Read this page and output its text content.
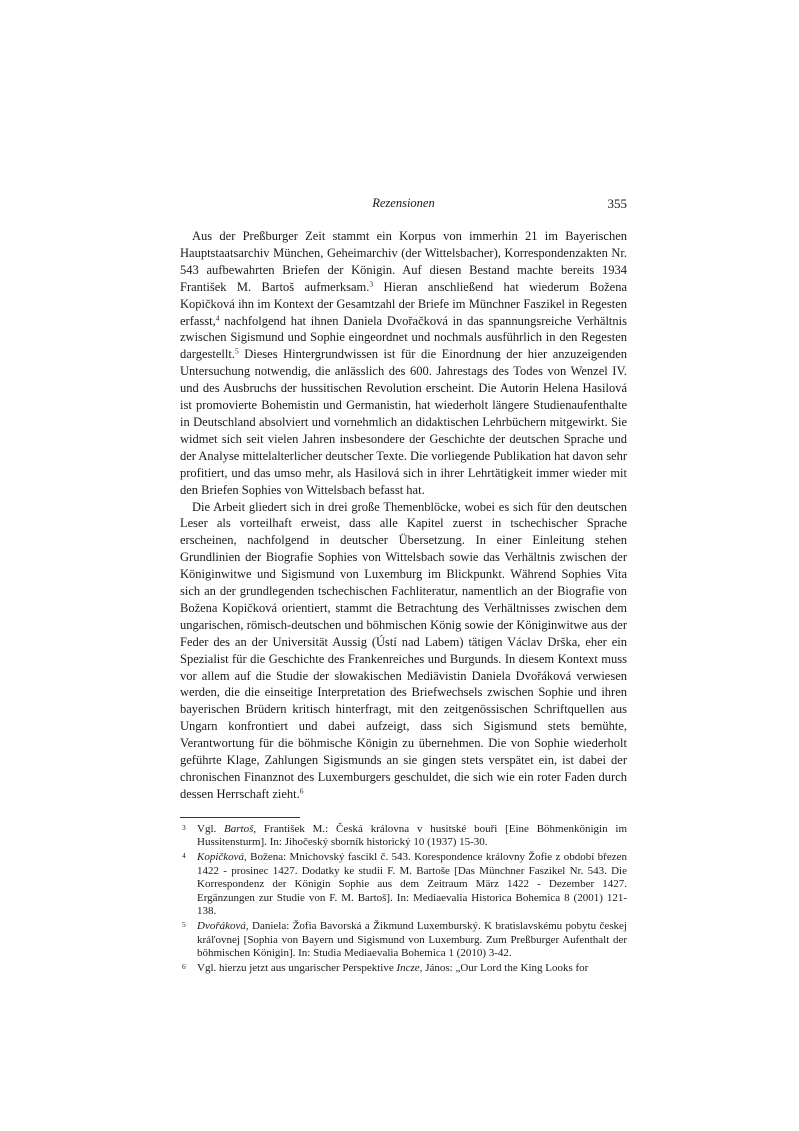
Rezensionen	355

Aus der Preßburger Zeit stammt ein Korpus von immerhin 21 im Bayerischen Hauptstaatsarchiv München, Geheimarchiv (der Wittelsbacher), Korrespondenzakten Nr. 543 aufbewahrten Briefen der Königin. Auf diesen Bestand machte bereits 1934 František M. Bartoš aufmerksam.$^3$ Hieran anschließend hat wiederum Božena Kopičková ihn im Kontext der Gesamtzahl der Briefe im Münchner Faszikel in Regesten erfasst,$^4$ nachfolgend hat ihnen Daniela Dvořačková in das spannungsreiche Verhältnis zwischen Sigismund und Sophie eingeordnet und nochmals ausführlich in den Regesten dargestellt.$^5$ Dieses Hintergrundwissen ist für die Einordnung der hier anzuzeigenden Untersuchung notwendig, die anlässlich des 600. Jahrestags des Todes von Wenzel IV. und des Ausbruchs der hussitischen Revolution erscheint. Die Autorin Helena Hasilová ist promovierte Bohemistin und Germanistin, hat wiederholt längere Studienaufenthalte in Deutschland absolviert und vornehmlich an didaktischen Lehrbüchern mitgewirkt. Sie widmet sich seit vielen Jahren insbesondere der Geschichte der deutschen Sprache und der Analyse mittelalterlicher deutscher Texte. Die vorliegende Publikation hat davon sehr profitiert, und das umso mehr, als Hasilová sich in ihrer Lehrtätigkeit immer wieder mit den Briefen Sophies von Wittelsbach befasst hat.

Die Arbeit gliedert sich in drei große Themenblöcke, wobei es sich für den deutschen Leser als vorteilhaft erweist, dass alle Kapitel zuerst in tschechischer Sprache erscheinen, nachfolgend in deutscher Übersetzung. In einer Einleitung stehen Grundlinien der Biografie Sophies von Wittelsbach sowie das Verhältnis zwischen der Königinwitwe und Sigismund von Luxemburg im Blickpunkt. Während Sophies Vita sich an der grundlegenden tschechischen Fachliteratur, namentlich an der Biografie von Božena Kopičková orientiert, stammt die Betrachtung des Verhältnisses zwischen dem ungarischen, römisch-deutschen und böhmischen König sowie der Königinwitwe aus der Feder des an der Universität Aussig (Ústí nad Labem) tätigen Václav Drška, eher ein Spezialist für die Geschichte des Frankenreiches und Burgunds. In diesem Kontext muss vor allem auf die Studie der slowakischen Mediävistin Daniela Dvořáková verwiesen werden, die die einseitige Interpretation des Briefwechsels zwischen Sophie und ihren bayerischen Brüdern kritisch hinterfragt, mit den zeitgenössischen Schriftquellen aus Ungarn konfrontiert und dabei aufzeigt, dass sich Sigismund stets bemühte, Verantwortung für die böhmische Königin zu übernehmen. Die von Sophie wiederholt geführte Klage, Zahlungen Sigismunds an sie gingen stets verspätet ein, ist dabei der chronischen Finanznot des Luxemburgers geschuldet, die sich wie ein roter Faden durch dessen Herrschaft zieht.$^6$

3 Vgl. Bartoš, František M.: Česká královna v husitské bouři [Eine Böhmenkönigin im Hussitensturm]. In: Jihočeský sborník historický 10 (1937) 15-30.
4 Kopičková, Božena: Mnichovský fascikl č. 543. Korespondence královny Žofie z období březen 1422 - prosinec 1427. Dodatky ke studii F. M. Bartoše [Das Münchner Faszikel Nr. 543. Die Korrespondenz der Königin Sophie aus dem Zeitraum März 1422 - Dezember 1427. Ergänzungen zur Studie von F. M. Bartoš]. In: Mediaevalia Historica Bohemica 8 (2001) 121-138.
5 Dvořáková, Daniela: Žofia Bavorská a Žikmund Luxemburský. K bratislavskému pobytu českej kráľovnej [Sophia von Bayern und Sigismund von Luxemburg. Zum Preßburger Aufenthalt der böhmischen Königin]. In: Studia Mediaevalia Bohemica 1 (2010) 3-42.
6 Vgl. hierzu jetzt aus ungarischer Perspektive Incze, János: „Our Lord the King Looks for
